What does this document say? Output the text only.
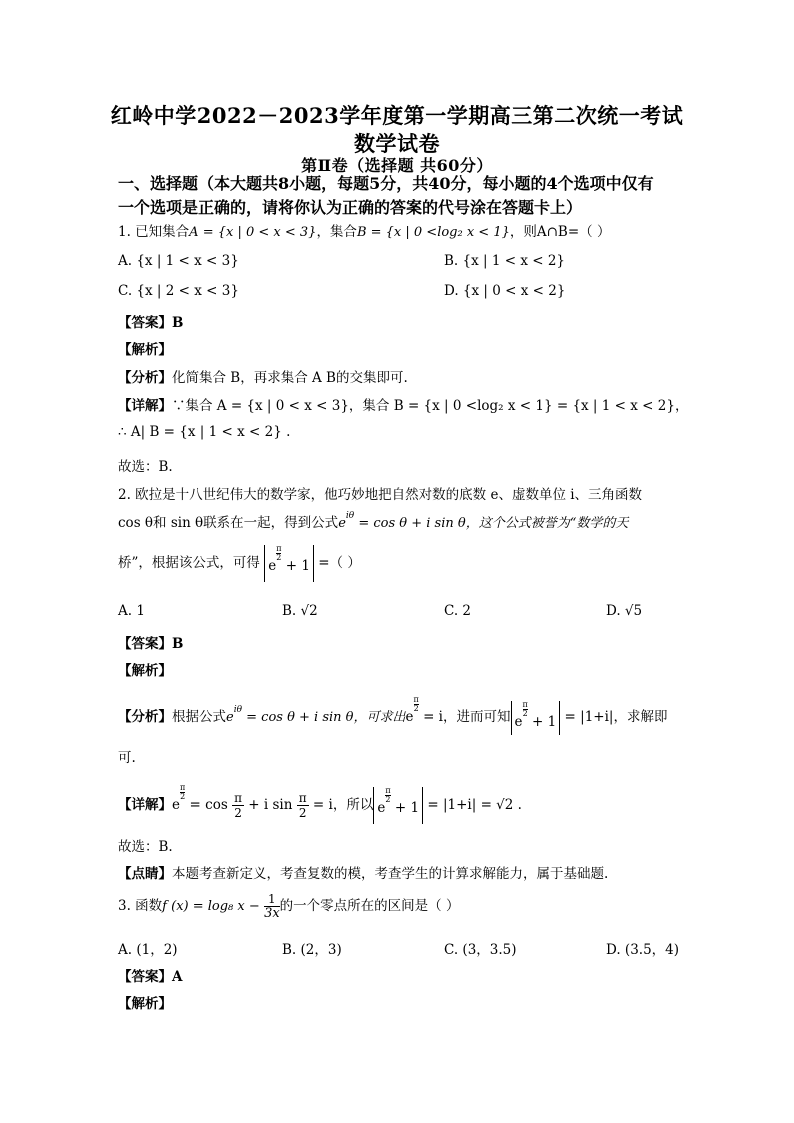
红岭中学2022－2023学年度第一学期高三第二次统一考试
数学试卷
第Ⅱ卷（选择题 共60分）
一、选择题（本大题共8小题，每题5分，共40分，每小题的4个选项中仅有
一个选项是正确的，请将你认为正确的答案的代号涂在答题卡上）
1. 已知集合A = {x | 0 < x < 3}，集合B = {x | 0 <log₂ x < 1}，则A∩B=（ ）
A. {x | 1 < x < 3}	B. {x | 1 < x < 2}
C. {x | 2 < x < 3}	D. {x | 0 < x < 2}
【答案】B
【解析】
【分析】化简集合 B，再求集合 A B的交集即可.
【详解】∵集合 A = {x | 0 < x < 3}，集合 B = {x | 0 <log₂ x < 1} = {x | 1 < x < 2}，
∴ A| B = {x | 1 < x < 2} .
故选：B.
2. 欧拉是十八世纪伟大的数学家，他巧妙地把自然对数的底数 e、虚数单位 i、三角函数
cos θ和 sin θ联系在一起，得到公式$e^{i\theta} = \cos \theta + i$ sin θ，这个公式被誉为“数学的天
桥”，根据该公式，可得 e
$\frac{\pi}{2} + 1$ =（ ）
A. 1	B. √2	C. 2	D. √5
【答案】B
【解析】
【分析】根据公式$e^{i\theta} = \cos \theta + i$ sin θ，可求出e
$\frac{\pi}{2} = i$，进而可知 e
$\frac{\pi}{2} + 1 = |1+i|$，求解即
可.
【详解】e
$\frac{\pi}{2} = \cos \frac{\pi}{2} + i$ $\sin \frac{\pi}{2} = i$，所以 e
$\frac{\pi}{2} + 1 = |1+i| = √2$ .
故选：B.
【点睛】本题考查新定义，考查复数的模，考查学生的计算求解能力，属于基础题.
3. 函数f (x) = log₈ $x - \frac{1}{3x}$ 的一个零点所在的区间是（ ）
A. (1，2)	B. (2，3)	C. (3，3.5)	D. (3.5，4)
【答案】A
【解析】
